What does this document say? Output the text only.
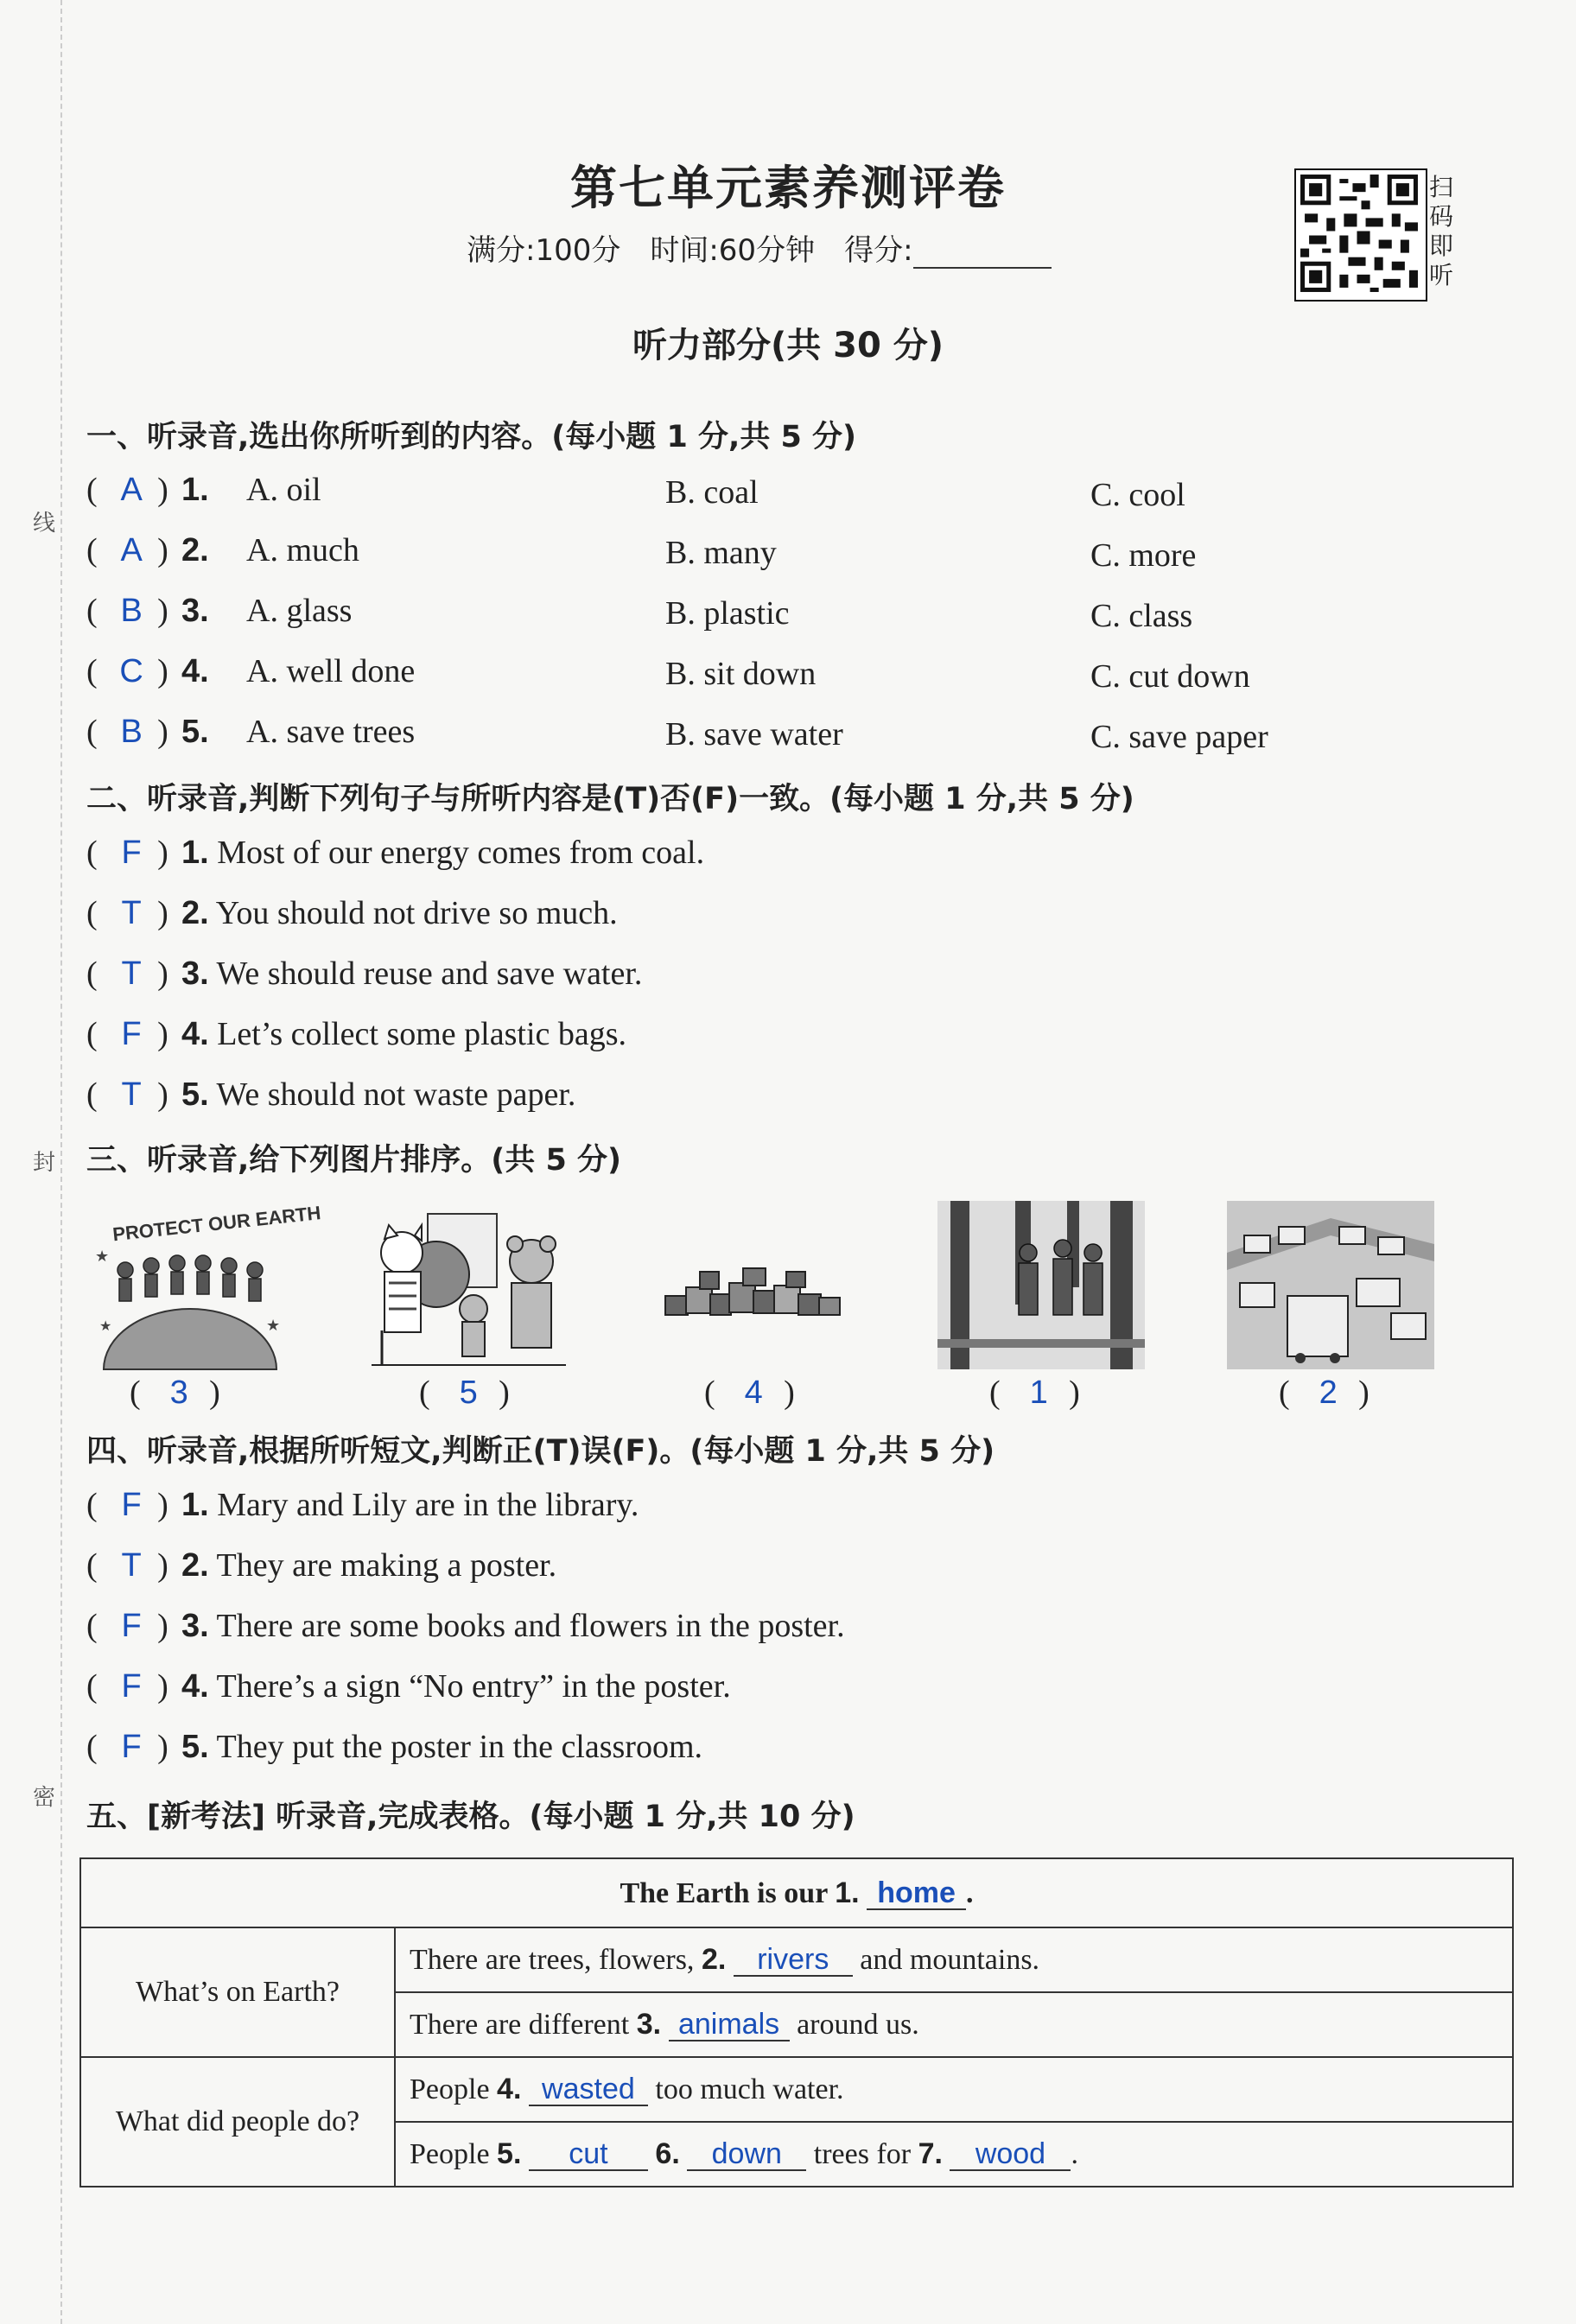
线
封
密
第七单元素养测评卷
满分:100分　时间:60分钟　得分:
扫
码
即
听
听力部分(共 30 分)
一、听录音,选出你所听到的内容。(每小题 1 分,共 5 分)
( A ) 1. A. oil	B. coal	C. cool
( A ) 2. A. much	B. many	C. more
( B ) 3. A. glass	B. plastic	C. class
( C ) 4. A. well done	B. sit down	C. cut down
( B ) 5. A. save trees	B. save water	C. save paper
二、听录音,判断下列句子与所听内容是(T)否(F)一致。(每小题 1 分,共 5 分)
( F ) 1. Most of our energy comes from coal.
( T ) 2. You should not drive so much.
( T ) 3. We should reuse and save water.
( F ) 4. Let’s collect some plastic bags.
( T ) 5. We should not waste paper.
三、听录音,给下列图片排序。(共 5 分)
PROTECT OUR EARTH
★
★
★
( 3 )	( 5 )	( 4 )	( 1 )	( 2 )
四、听录音,根据所听短文,判断正(T)误(F)。(每小题 1 分,共 5 分)
( F ) 1. Mary and Lily are in the library.
( T ) 2. They are making a poster.
( F ) 3. There are some books and flowers in the poster.
( F ) 4. There’s a sign “No entry” in the poster.
( F ) 5. They put the poster in the classroom.
五、[新考法] 听录音,完成表格。(每小题 1 分,共 10 分)
The Earth is our 1. home .	
What’s on Earth?	There are trees, flowers, 2. rivers and mountains.
	There are different 3. animals around us.
What did people do?	People 4. wasted too much water.
	People 5. cut 6. down trees for 7. wood .
